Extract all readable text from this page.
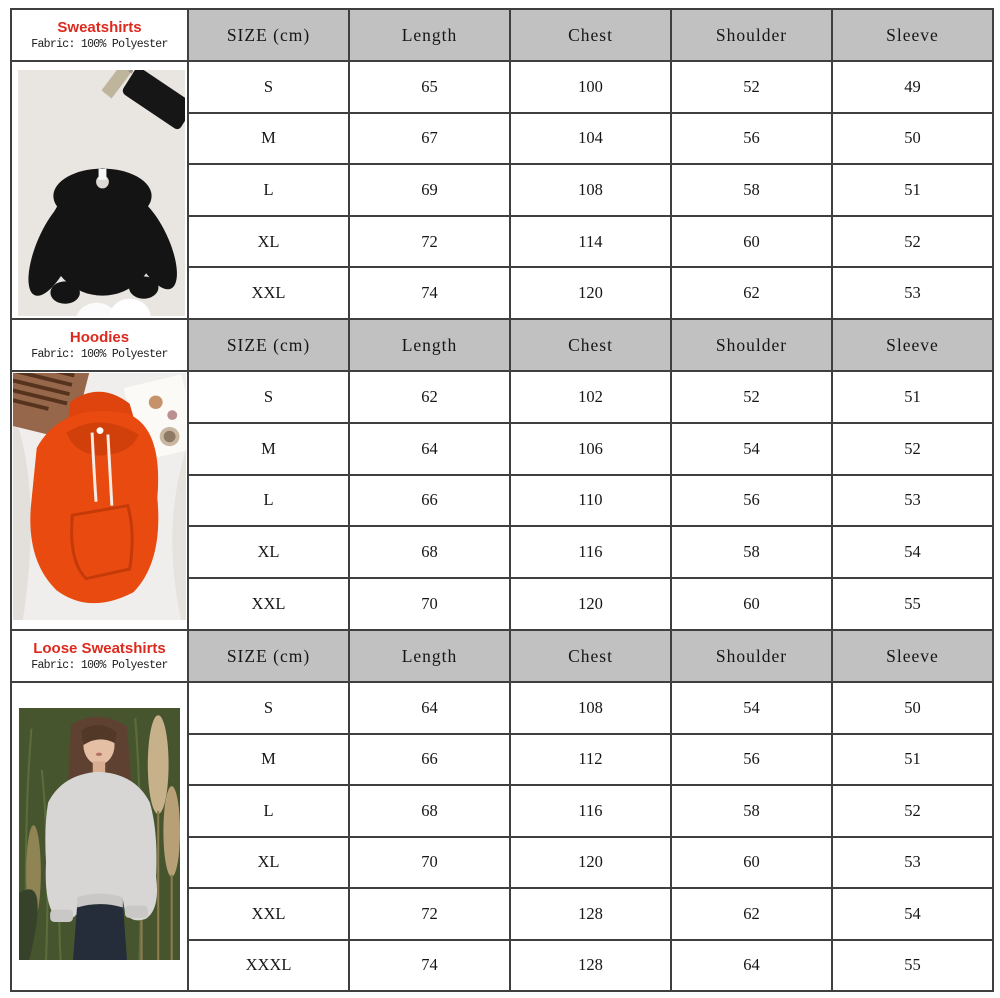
Sweatshirts
Fabric: 100% Polyester	SIZE (cm)	Length	Chest	Shoulder	Sleeve
S	65	100	52	49
M	67	104	56	50
L	69	108	58	51
XL	72	114	60	52
XXL	74	120	62	53
Hoodies
Fabric: 100% Polyester	SIZE (cm)	Length	Chest	Shoulder	Sleeve
S	62	102	52	51
M	64	106	54	52
L	66	110	56	53
XL	68	116	58	54
XXL	70	120	60	55
Loose Sweatshirts
Fabric: 100% Polyester	SIZE (cm)	Length	Chest	Shoulder	Sleeve
S	64	108	54	50
M	66	112	56	51
L	68	116	58	52
XL	70	120	60	53
XXL	72	128	62	54
XXXL	74	128	64	55
